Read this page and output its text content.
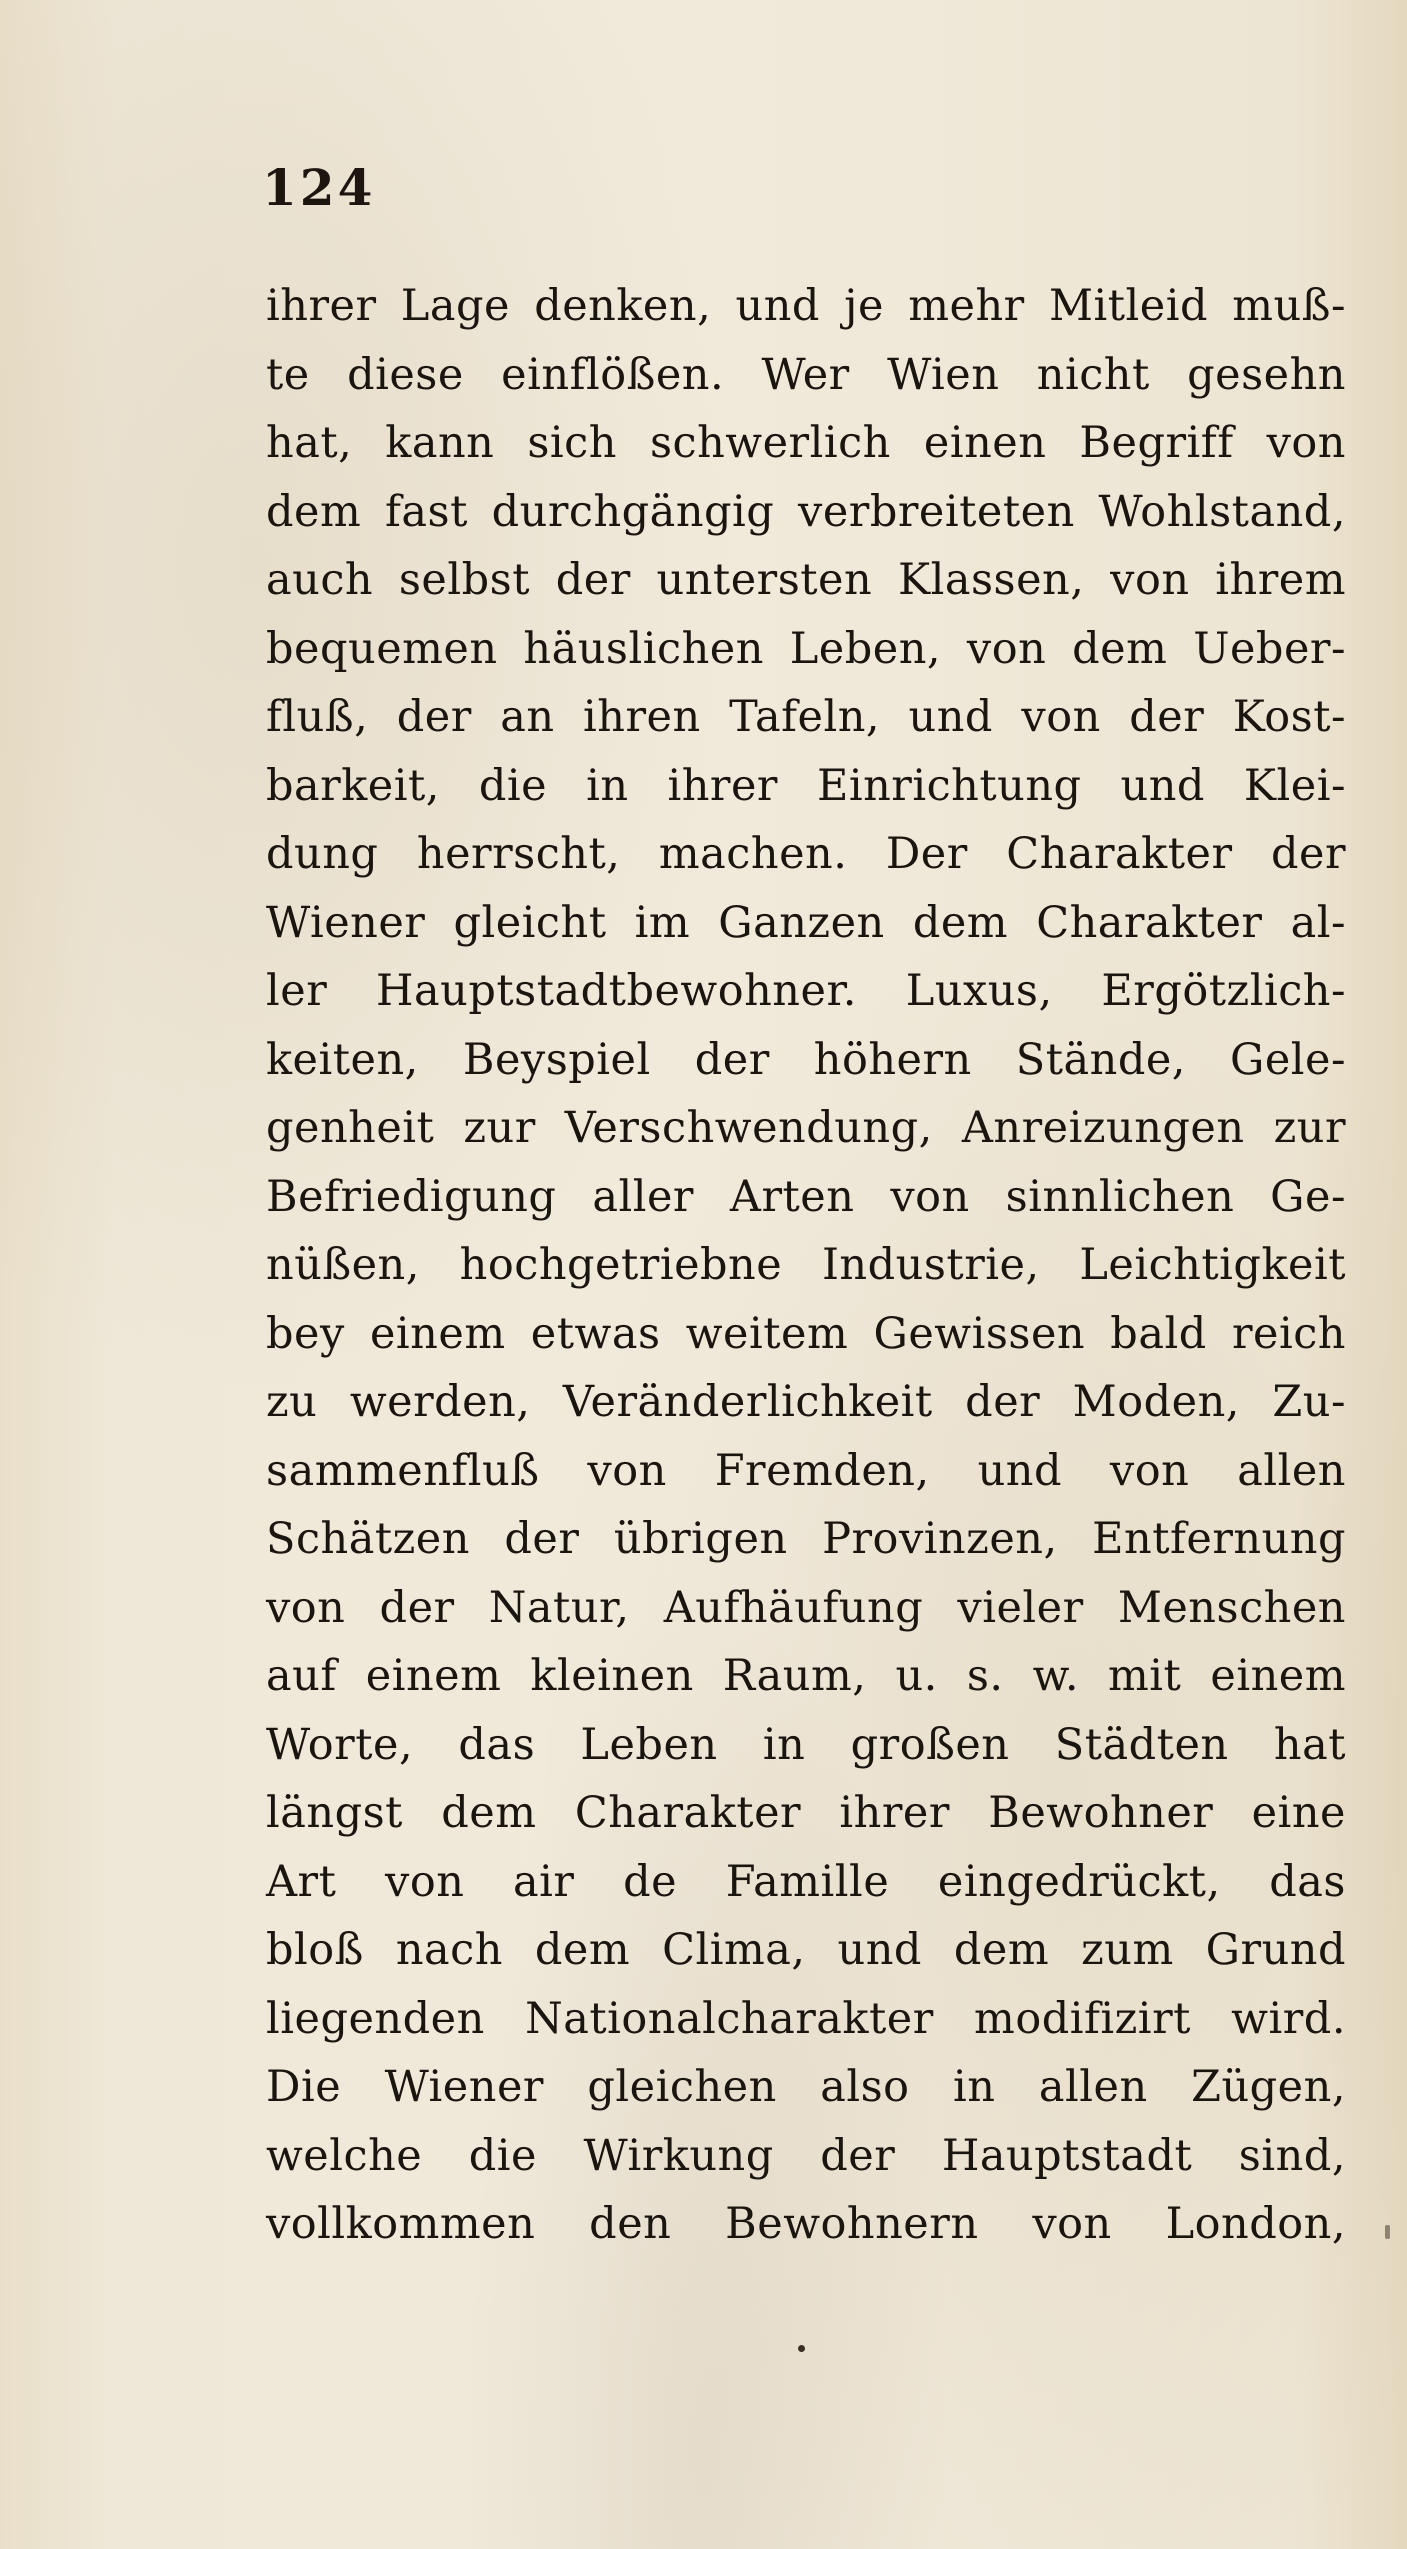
124
ihrer Lage denken, und je mehr Mitleid muß-
te diese einflößen. Wer Wien nicht gesehn
hat, kann sich schwerlich einen Begriff von
dem fast durchgängig verbreiteten Wohlstand,
auch selbst der untersten Klassen, von ihrem
bequemen häuslichen Leben, von dem Ueber-
fluß, der an ihren Tafeln, und von der Kost-
barkeit, die in ihrer Einrichtung und Klei-
dung herrscht, machen. Der Charakter der
Wiener gleicht im Ganzen dem Charakter al-
ler Hauptstadtbewohner. Luxus, Ergötzlich-
keiten, Beyspiel der höhern Stände, Gele-
genheit zur Verschwendung, Anreizungen zur
Befriedigung aller Arten von sinnlichen Ge-
nüßen, hochgetriebne Industrie, Leichtigkeit
bey einem etwas weitem Gewissen bald reich
zu werden, Veränderlichkeit der Moden, Zu-
sammenfluß von Fremden, und von allen
Schätzen der übrigen Provinzen, Entfernung
von der Natur, Aufhäufung vieler Menschen
auf einem kleinen Raum, u. s. w. mit einem
Worte, das Leben in großen Städten hat
längst dem Charakter ihrer Bewohner eine
Art von air de Famille eingedrückt, das
bloß nach dem Clima, und dem zum Grund
liegenden Nationalcharakter modifizirt wird.
Die Wiener gleichen also in allen Zügen,
welche die Wirkung der Hauptstadt sind,
vollkommen den Bewohnern von London,
